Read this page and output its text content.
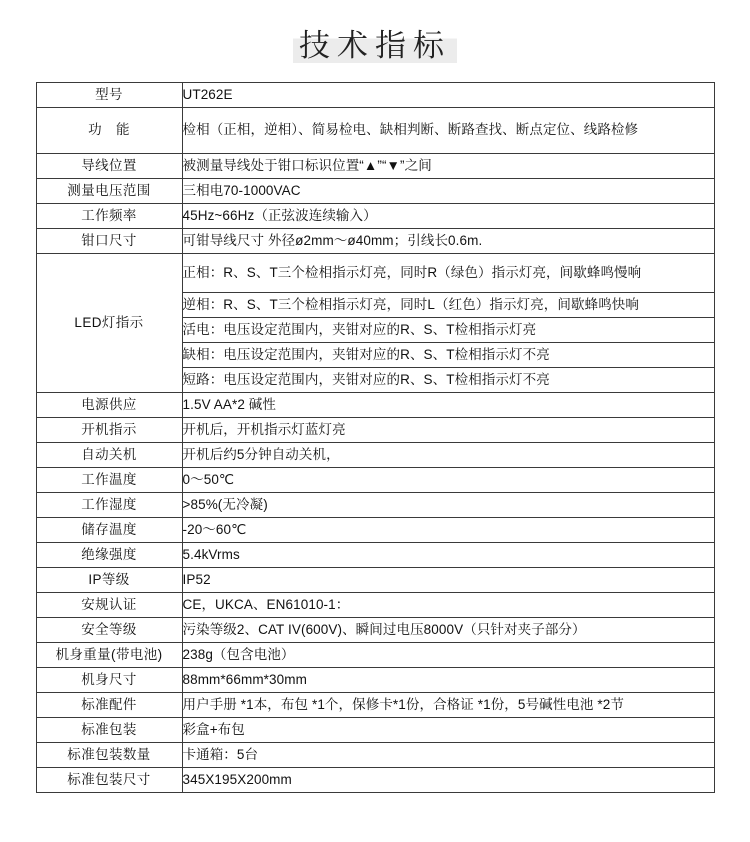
技术指标
型号	UT262E
功　能	检相（正相，逆相）、简易检电、缺相判断、断路查找、断点定位、线路检修
导线位置	被测量导线处于钳口标识位置“▲”“▼”之间
测量电压范围	三相电70-1000VAC
工作频率	45Hz~66Hz（正弦波连续输入）
钳口尺寸	可钳导线尺寸 外径ø2mm～ø40mm；引线长0.6m.
LED灯指示	正相：R、S、T三个检相指示灯亮，同时R（绿色）指示灯亮，间歇蜂鸣慢响
	逆相：R、S、T三个检相指示灯亮，同时L（红色）指示灯亮，间歇蜂鸣快响
	活电：电压设定范围内，夹钳对应的R、S、T检相指示灯亮
	缺相：电压设定范围内，夹钳对应的R、S、T检相指示灯不亮
	短路：电压设定范围内，夹钳对应的R、S、T检相指示灯不亮
电源供应	1.5V AA*2 碱性
开机指示	开机后，开机指示灯蓝灯亮
自动关机	开机后约5分钟自动关机，
工作温度	0～50℃
工作湿度	>85%(无冷凝)
储存温度	-20～60℃
绝缘强度	5.4kVrms
IP等级	IP52
安规认证	CE，UKCA、EN61010-1：
安全等级	污染等级2、CAT IV(600V)、瞬间过电压8000V（只针对夹子部分）
机身重量(带电池)	238g（包含电池）
机身尺寸	88mm*66mm*30mm
标准配件	用户手册 *1本，布包 *1个，保修卡*1份，合格证 *1份，5号碱性电池 *2节
标准包装	彩盒+布包
标准包装数量	卡通箱：5台
标准包装尺寸	345X195X200mm
